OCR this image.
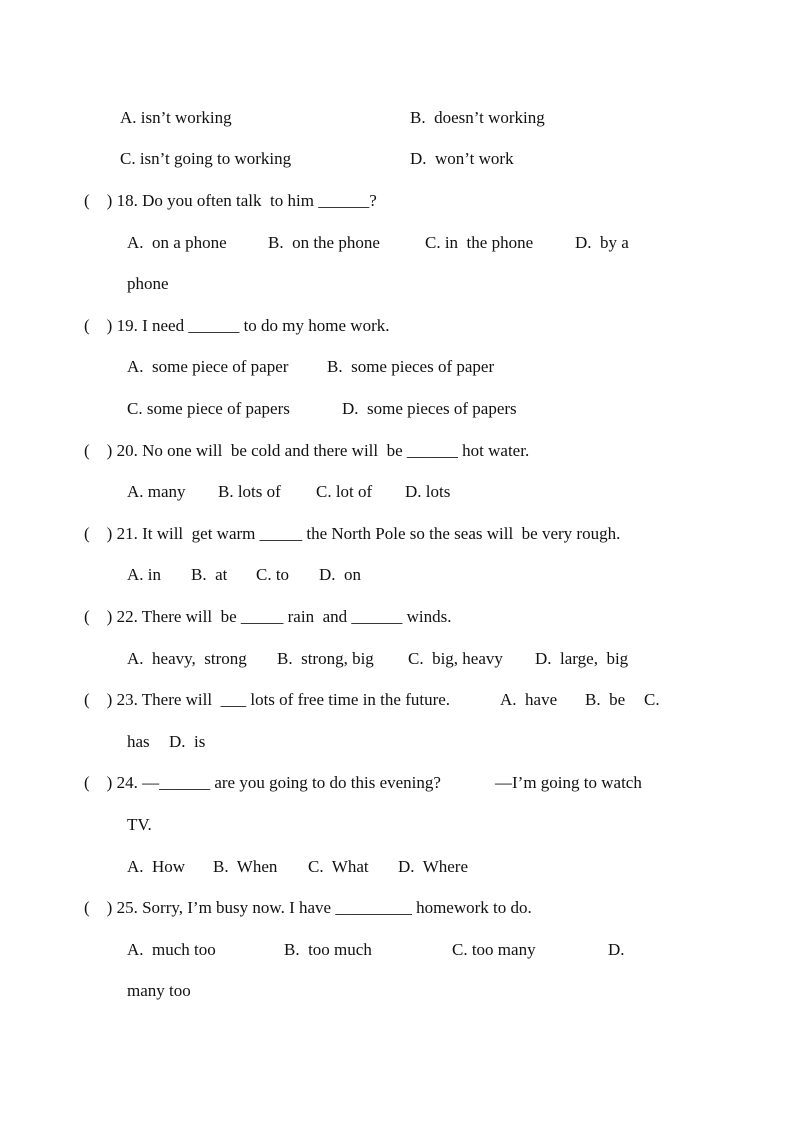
A. isn’t working	B.  doesn’t working
C. isn’t going to working	D.  won’t work
(    ) 18. Do you often talk  to him ______?
A.  on a phone B.  on the phone	C. in  the phone D.  by a
phone
(    ) 19. I need ______ to do my home work.
A.  some piece of paper B.  some pieces of paper
C. some piece of papers	D.  some pieces of papers
(    ) 20. No one will  be cold and there will  be ______ hot water.
A. many B. lots of C. lot of D. lots
(    ) 21. It will  get warm _____ the North Pole so the seas will  be very rough.
A. in B.  at C. to D.  on
(    ) 22. There will  be _____ rain  and ______ winds.
A.  heavy,  strong B.  strong, big C.  big, heavy D.  large,  big
(    ) 23. There will  ___ lots of free time in the future.	A.  have B.  be C.
has D.  is
(    ) 24. —______ are you going to do this evening?	—I’m going to watch
TV.
A.  How B.  When C.  What D.  Where
(    ) 25. Sorry, I’m busy now. I have _________ homework to do.
A.  much too	B.  too much	C. too many	D.
many too
